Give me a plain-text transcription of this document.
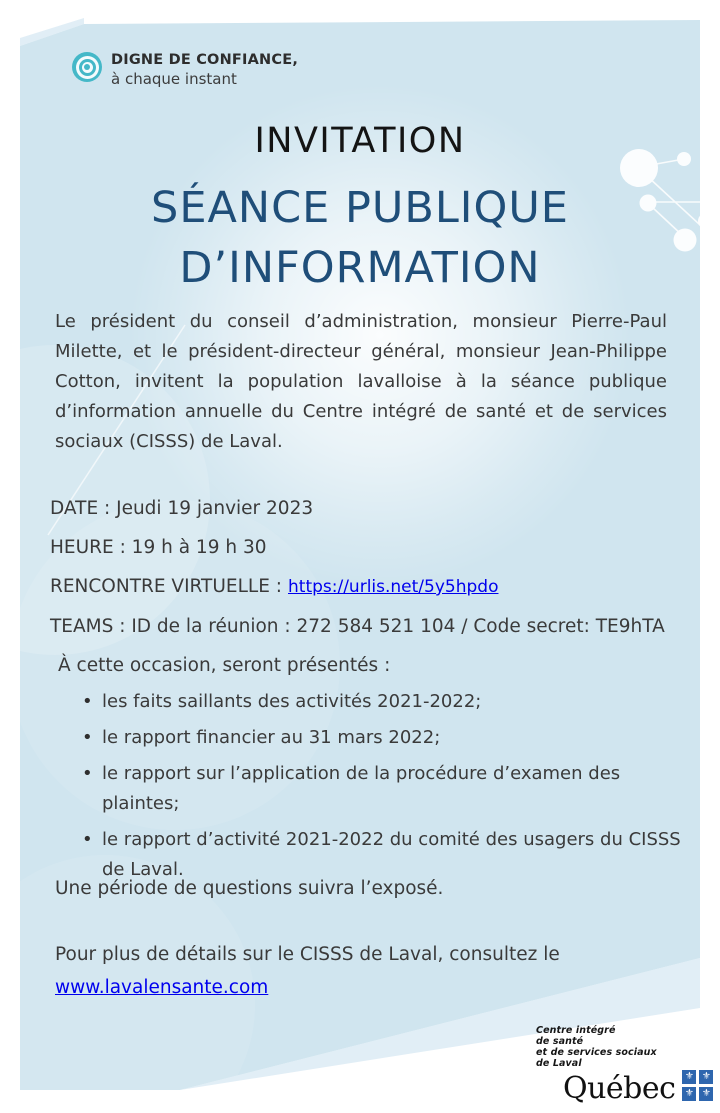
DIGNE DE CONFIANCE,
à chaque instant
INVITATION
SÉANCE PUBLIQUE
D’INFORMATION

Le président du conseil d’administration, monsieur Pierre-Paul Milette, et le président-directeur général, monsieur Jean-Philippe Cotton, invitent la population lavalloise à la séance publique d’information annuelle du Centre intégré de santé et de services sociaux (CISSS) de Laval.

DATE : Jeudi 19 janvier 2023
HEURE : 19 h à 19 h 30
RENCONTRE VIRTUELLE : https://urlis.net/5y5hpdo
TEAMS : ID de la réunion : 272 584 521 104 / Code secret: TE9hTA
À cette occasion, seront présentés :
• les faits saillants des activités 2021-2022;
• le rapport financier au 31 mars 2022;
• le rapport sur l’application de la procédure d’examen des plaintes;
• le rapport d’activité 2021-2022 du comité des usagers du CISSS de Laval.

Une période de questions suivra l’exposé.

Pour plus de détails sur le CISSS de Laval, consultez le
www.lavalensante.com

Centre intégré
de santé
et de services sociaux
de Laval
Québec ⚜ ⚜
⚜ ⚜
